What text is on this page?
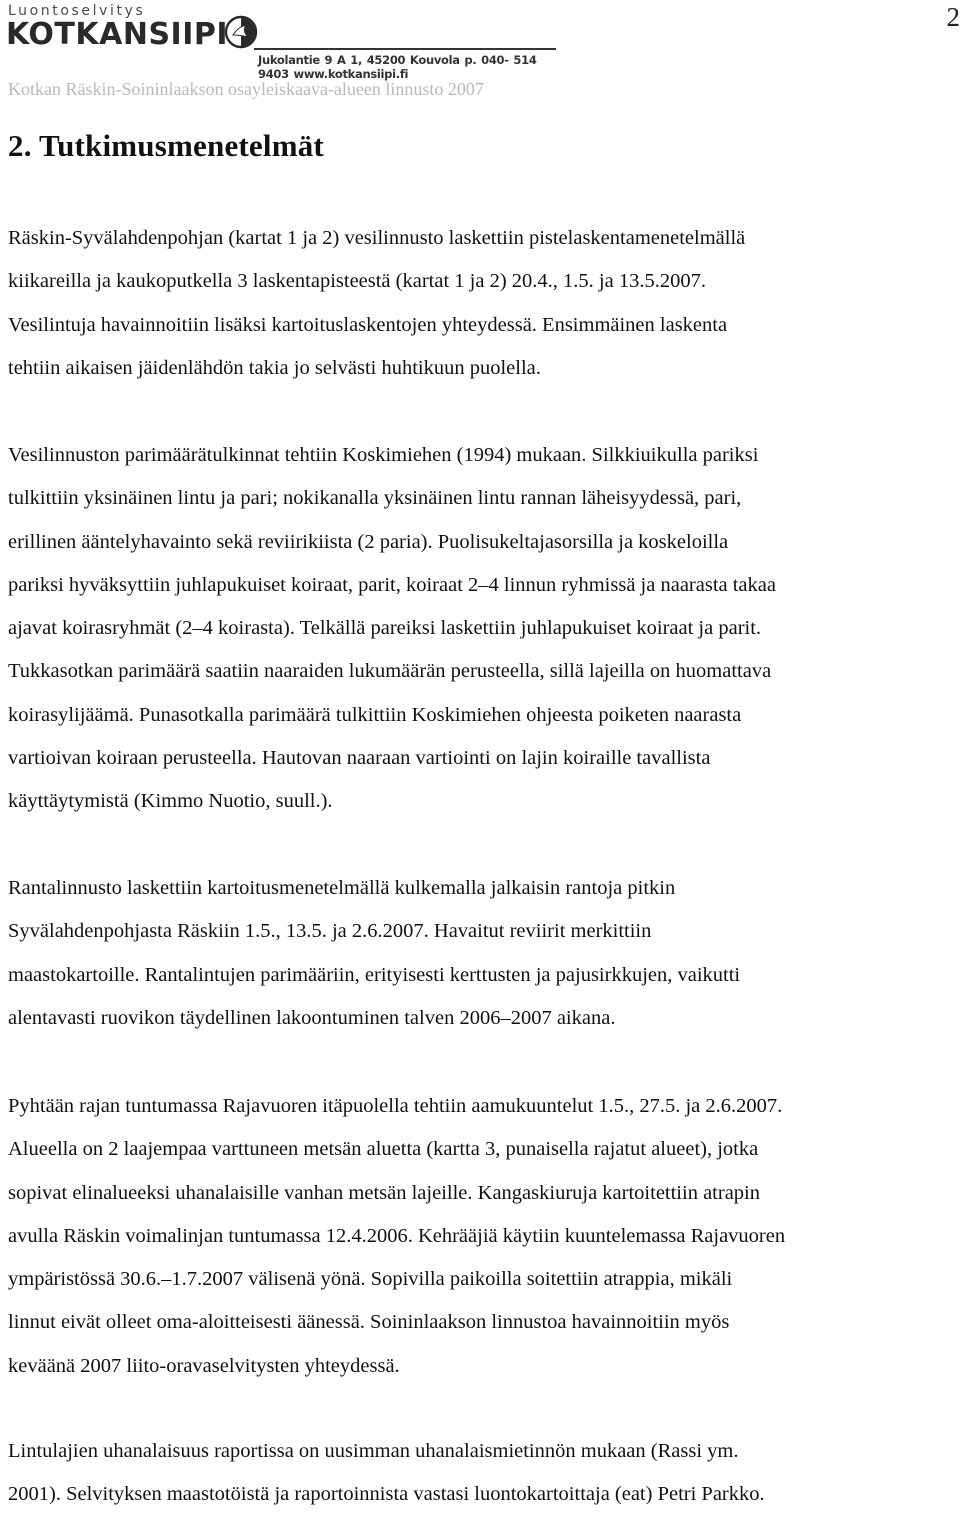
Luontoselvitys
KOTKANSIIPI
Jukolantie 9 A 1, 45200 Kouvola p. 040- 514 9403 www.kotkansiipi.fi
2
Kotkan Räskin-Soininlaakson osayleiskaava-alueen linnusto 2007
2. Tutkimusmenetelmät
Räskin-Syvälahdenpohjan (kartat 1 ja 2) vesilinnusto laskettiin pistelaskentamenetelmällä
kiikareilla ja kaukoputkella 3 laskentapisteestä (kartat 1 ja 2) 20.4., 1.5. ja 13.5.2007.
Vesilintuja havainnoitiin lisäksi kartoituslaskentojen yhteydessä. Ensimmäinen laskenta
tehtiin aikaisen jäidenlähdön takia jo selvästi huhtikuun puolella.
Vesilinnuston parimäärätulkinnat tehtiin Koskimiehen (1994) mukaan. Silkkiuikulla pariksi
tulkittiin yksinäinen lintu ja pari; nokikanalla yksinäinen lintu rannan läheisyydessä, pari,
erillinen ääntelyhavainto sekä reviirikiista (2 paria). Puolisukeltajasorsilla ja koskeloilla
pariksi hyväksyttiin juhlapukuiset koiraat, parit, koiraat 2–4 linnun ryhmissä ja naarasta takaa
ajavat koirasryhmät (2–4 koirasta). Telkällä pareiksi laskettiin juhlapukuiset koiraat ja parit.
Tukkasotkan parimäärä saatiin naaraiden lukumäärän perusteella, sillä lajeilla on huomattava
koirasylijäämä. Punasotkalla parimäärä tulkittiin Koskimiehen ohjeesta poiketen naarasta
vartioivan koiraan perusteella. Hautovan naaraan vartiointi on lajin koiraille tavallista
käyttäytymistä (Kimmo Nuotio, suull.).
Rantalinnusto laskettiin kartoitusmenetelmällä kulkemalla jalkaisin rantoja pitkin
Syvälahdenpohjasta Räskiin 1.5., 13.5. ja 2.6.2007. Havaitut reviirit merkittiin
maastokartoille. Rantalintujen parimääriin, erityisesti kerttusten ja pajusirkkujen, vaikutti
alentavasti ruovikon täydellinen lakoontuminen talven 2006–2007 aikana.
Pyhtään rajan tuntumassa Rajavuoren itäpuolella tehtiin aamukuuntelut 1.5., 27.5. ja 2.6.2007.
Alueella on 2 laajempaa varttuneen metsän aluetta (kartta 3, punaisella rajatut alueet), jotka
sopivat elinalueeksi uhanalaisille vanhan metsän lajeille. Kangaskiuruja kartoitettiin atrapin
avulla Räskin voimalinjan tuntumassa 12.4.2006. Kehrääjiä käytiin kuuntelemassa Rajavuoren
ympäristössä 30.6.–1.7.2007 välisenä yönä. Sopivilla paikoilla soitettiin atrappia, mikäli
linnut eivät olleet oma-aloitteisesti äänessä. Soininlaakson linnustoa havainnoitiin myös
keväänä 2007 liito-oravaselvitysten yhteydessä.
Lintulajien uhanalaisuus raportissa on uusimman uhanalaismietinnön mukaan (Rassi ym.
2001). Selvityksen maastotöistä ja raportoinnista vastasi luontokartoittaja (eat) Petri Parkko.
